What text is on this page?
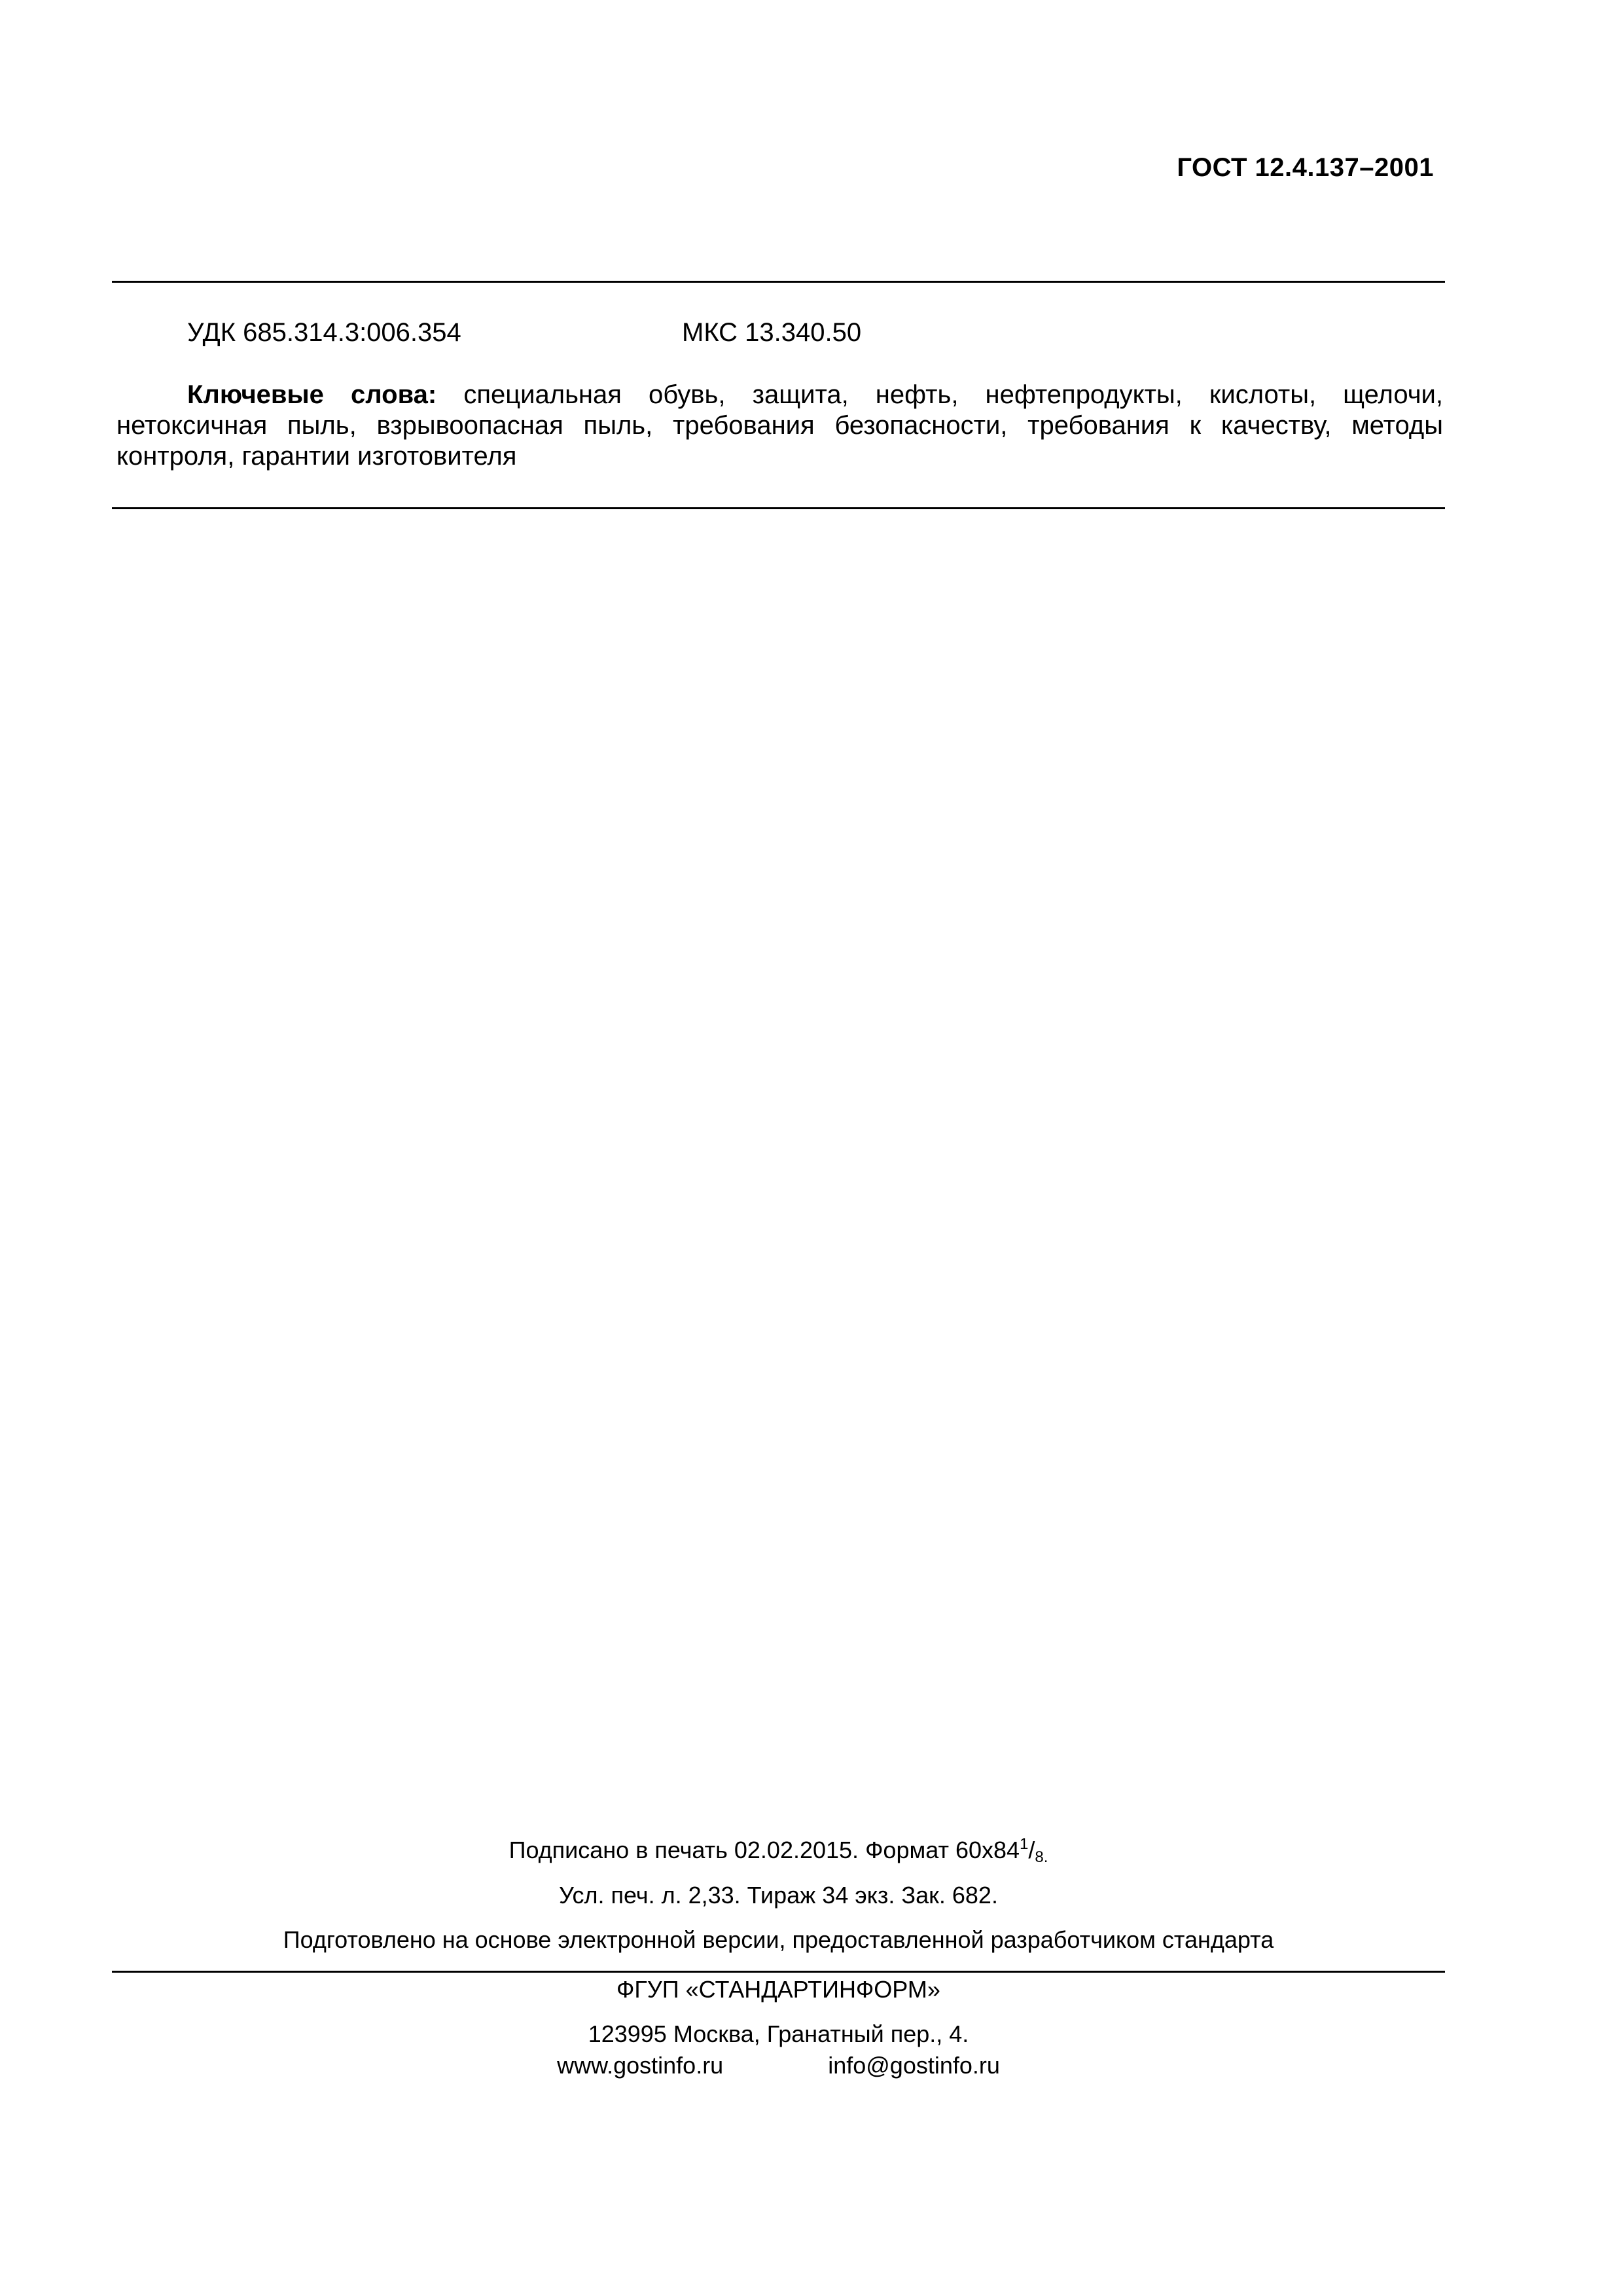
ГОСТ 12.4.137–2001
УДК 685.314.3:006.354	МКС 13.340.50
Ключевые слова: специальная обувь, защита, нефть, нефтепродукты, кислоты, щелочи, нетоксичная пыль, взрывоопасная пыль, требования безопасности, требования к качеству, методы контроля, гарантии изготовителя
Подписано в печать 02.02.2015. Формат $60x84^1/_{8.}$
Усл. печ. л. 2,33. Тираж 34 экз. Зак. 682.
Подготовлено на основе электронной версии, предоставленной разработчиком стандарта
ФГУП «СТАНДАРТИНФОРМ»
123995 Москва, Гранатный пер., 4.
www.gostinfo.ru	info@gostinfo.ru
